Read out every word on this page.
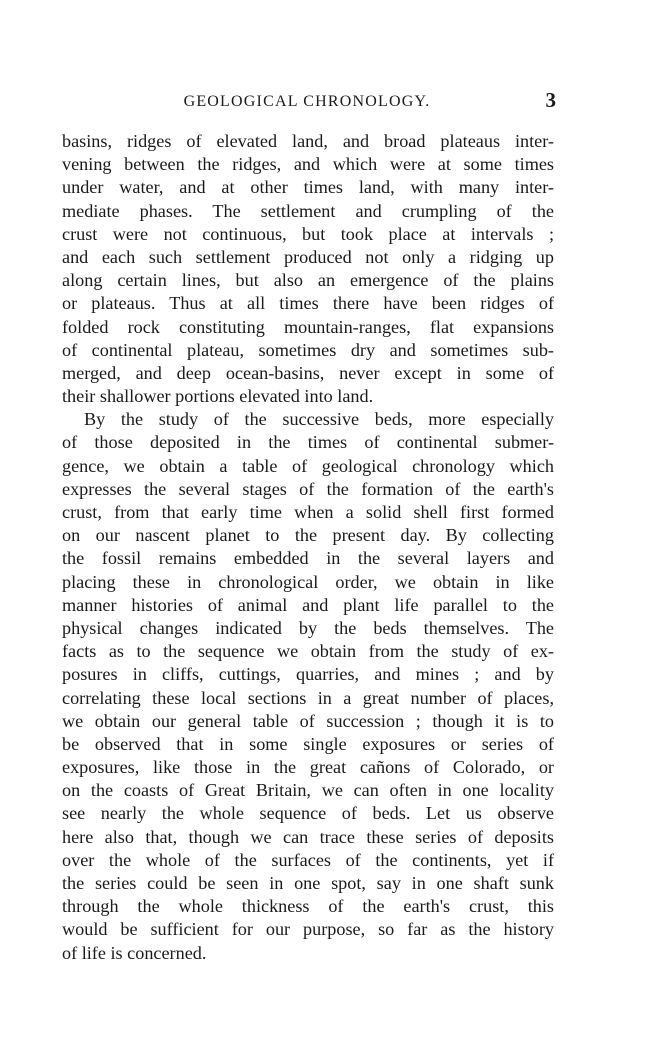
GEOLOGICAL CHRONOLOGY.	3
basins, ridges of elevated land, and broad plateaus inter-
vening between the ridges, and which were at some times
under water, and at other times land, with many inter-
mediate phases. The settlement and crumpling of the
crust were not continuous, but took place at intervals ;
and each such settlement produced not only a ridging up
along certain lines, but also an emergence of the plains
or plateaus. Thus at all times there have been ridges of
folded rock constituting mountain-ranges, flat expansions
of continental plateau, sometimes dry and sometimes sub-
merged, and deep ocean-basins, never except in some of
their shallower portions elevated into land.
By the study of the successive beds, more especially
of those deposited in the times of continental submer-
gence, we obtain a table of geological chronology which
expresses the several stages of the formation of the earth's
crust, from that early time when a solid shell first formed
on our nascent planet to the present day. By collecting
the fossil remains embedded in the several layers and
placing these in chronological order, we obtain in like
manner histories of animal and plant life parallel to the
physical changes indicated by the beds themselves. The
facts as to the sequence we obtain from the study of ex-
posures in cliffs, cuttings, quarries, and mines ; and by
correlating these local sections in a great number of places,
we obtain our general table of succession ; though it is to
be observed that in some single exposures or series of
exposures, like those in the great cañons of Colorado, or
on the coasts of Great Britain, we can often in one locality
see nearly the whole sequence of beds. Let us observe
here also that, though we can trace these series of deposits
over the whole of the surfaces of the continents, yet if
the series could be seen in one spot, say in one shaft sunk
through the whole thickness of the earth's crust, this
would be sufficient for our purpose, so far as the history
of life is concerned.
